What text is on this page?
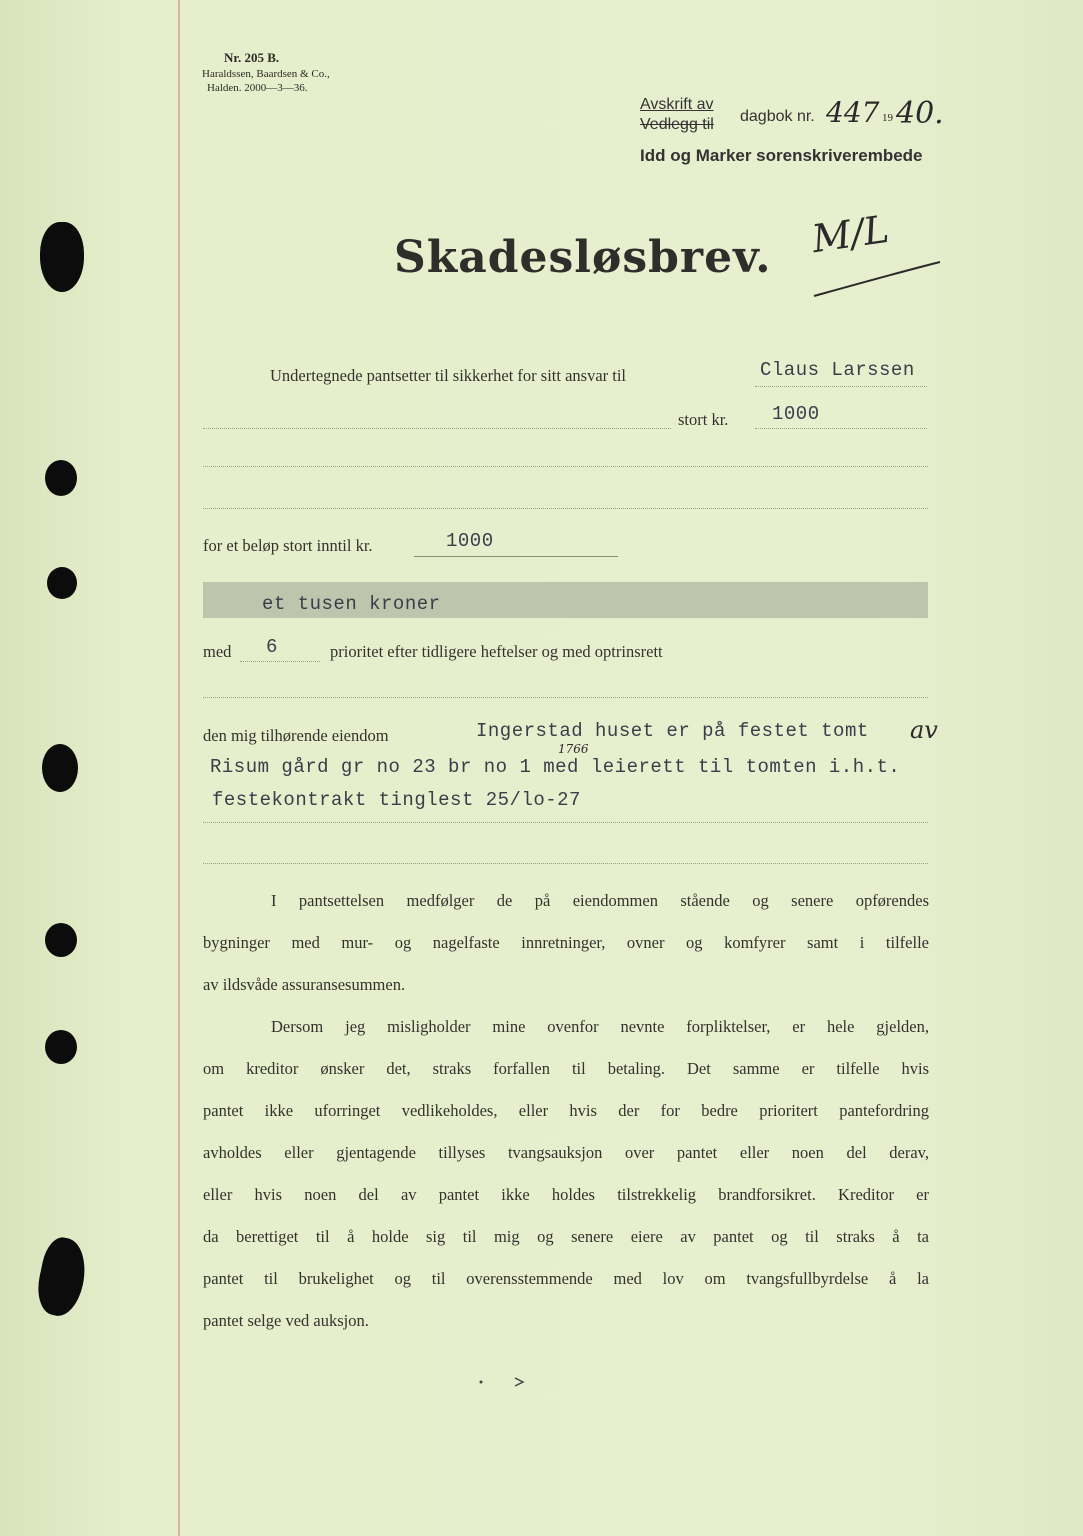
Nr. 205 B.
Haraldssen, Baardsen & Co.,
Halden. 2000—3—36.
Avskrift av
Vedlegg til dagbok nr. 447 19 40.
Idd og Marker sorenskriverembede
Skadesløsbrev. M/L
Undertegnede pantsetter til sikkerhet for sitt ansvar til	Claus Larssen
stort kr. 1000
for et beløp stort inntil kr.	1000
et tusen kroner
med 6	prioritet efter tidligere heftelser og med optrinsrett
den mig tilhørende eiendom	Ingerstad huset er på festet tomt av
1766
Risum gård gr no 23 br no 1 med leierett til tomten i.h.t.
festekontrakt tinglest 25/lo-27
I pantsettelsen medfølger de på eiendommen stående og senere opførendes
bygninger med mur- og nagelfaste innretninger, ovner og komfyrer samt i tilfelle
av ildsvåde assuransesummen.
Dersom jeg misligholder mine ovenfor nevnte forpliktelser, er hele gjelden,
om kreditor ønsker det, straks forfallen til betaling. Det samme er tilfelle hvis
pantet ikke uforringet vedlikeholdes, eller hvis der for bedre prioritert pantefordring
avholdes eller gjentagende tillyses tvangsauksjon over pantet eller noen del derav,
eller hvis noen del av pantet ikke holdes tilstrekkelig brandforsikret. Kreditor er
da berettiget til å holde sig til mig og senere eiere av pantet og til straks å ta
pantet til brukelighet og til overensstemmende med lov om tvangsfullbyrdelse å la
pantet selge ved auksjon.
